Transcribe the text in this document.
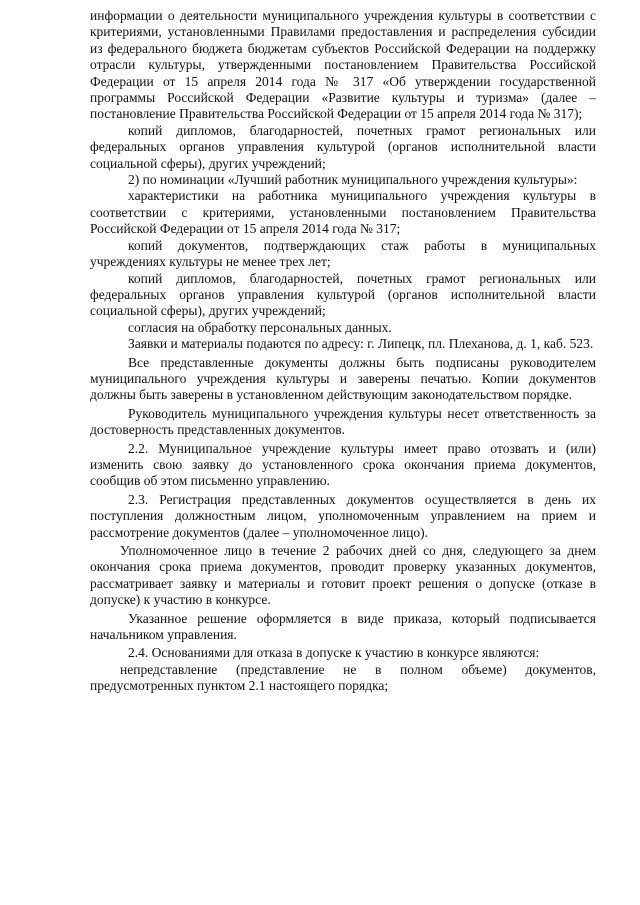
информации о деятельности муниципального учреждения культуры в соответствии с критериями, установленными Правилами предоставления и распределения субсидии из федерального бюджета бюджетам субъектов Российской Федерации на поддержку отрасли культуры, утвержденными постановлением Правительства Российской Федерации от 15 апреля 2014 года № 317 «Об утверждении государственной программы Российской Федерации «Развитие культуры и туризма» (далее – постановление Правительства Российской Федерации от 15 апреля 2014 года № 317);

копий дипломов, благодарностей, почетных грамот региональных или федеральных органов управления культурой (органов исполнительной власти социальной сферы), других учреждений;

2) по номинации «Лучший работник муниципального учреждения культуры»:

характеристики на работника муниципального учреждения культуры в соответствии с критериями, установленными постановлением Правительства Российской Федерации от 15 апреля 2014 года № 317;

копий документов, подтверждающих стаж работы в муниципальных учреждениях культуры не менее трех лет;

копий дипломов, благодарностей, почетных грамот региональных или федеральных органов управления культурой (органов исполнительной власти социальной сферы), других учреждений;

согласия на обработку персональных данных.

Заявки и материалы подаются по адресу: г. Липецк, пл. Плеханова, д. 1, каб. 523.

Все представленные документы должны быть подписаны руководителем муниципального учреждения культуры и заверены печатью. Копии документов должны быть заверены в установленном действующим законодательством порядке.

Руководитель муниципального учреждения культуры несет ответственность за достоверность представленных документов.

2.2. Муниципальное учреждение культуры имеет право отозвать и (или) изменить свою заявку до установленного срока окончания приема документов, сообщив об этом письменно управлению.

2.3. Регистрация представленных документов осуществляется в день их поступления должностным лицом, уполномоченным управлением на прием и рассмотрение документов (далее – уполномоченное лицо).

Уполномоченное лицо в течение 2 рабочих дней со дня, следующего за днем окончания срока приема документов, проводит проверку указанных документов, рассматривает заявку и материалы и готовит проект решения о допуске (отказе в допуске) к участию в конкурсе.

Указанное решение оформляется в виде приказа, который подписывается начальником управления.

2.4. Основаниями для отказа в допуске к участию в конкурсе являются:

непредставление (представление не в полном объеме) документов, предусмотренных пунктом 2.1 настоящего порядка;
